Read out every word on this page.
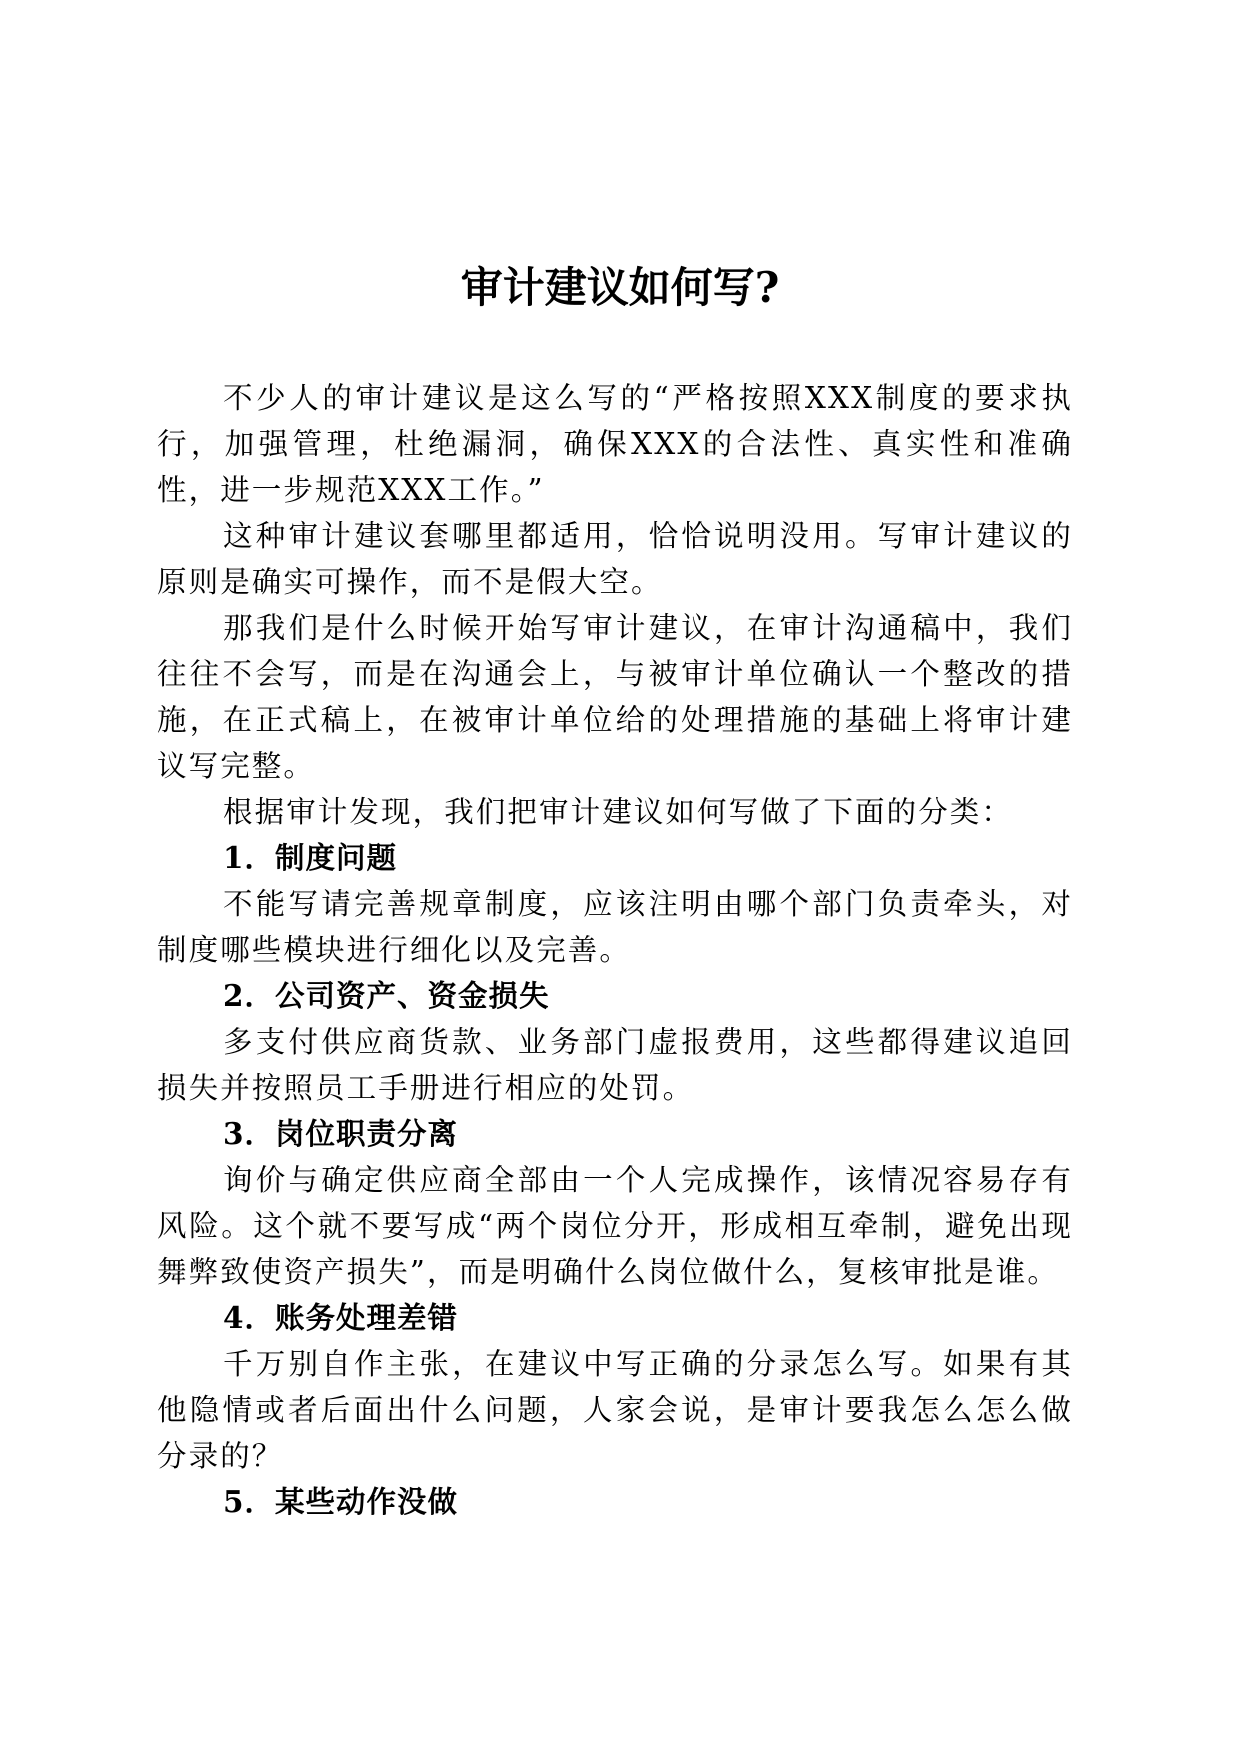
审计建议如何写?

不少人的审计建议是这么写的“严格按照XXX制度的要求执行，加强管理，杜绝漏洞，确保XXX的合法性、真实性和准确性，进一步规范XXX工作。”

这种审计建议套哪里都适用，恰恰说明没用。写审计建议的原则是确实可操作，而不是假大空。

那我们是什么时候开始写审计建议，在审计沟通稿中，我们往往不会写，而是在沟通会上，与被审计单位确认一个整改的措施，在正式稿上，在被审计单位给的处理措施的基础上将审计建议写完整。

根据审计发现，我们把审计建议如何写做了下面的分类：

1．制度问题

不能写请完善规章制度，应该注明由哪个部门负责牵头，对制度哪些模块进行细化以及完善。

2．公司资产、资金损失

多支付供应商货款、业务部门虚报费用，这些都得建议追回损失并按照员工手册进行相应的处罚。

3．岗位职责分离

询价与确定供应商全部由一个人完成操作，该情况容易存有风险。这个就不要写成“两个岗位分开，形成相互牵制，避免出现舞弊致使资产损失”，而是明确什么岗位做什么，复核审批是谁。

4．账务处理差错

千万别自作主张，在建议中写正确的分录怎么写。如果有其他隐情或者后面出什么问题，人家会说，是审计要我怎么怎么做分录的？

5．某些动作没做
